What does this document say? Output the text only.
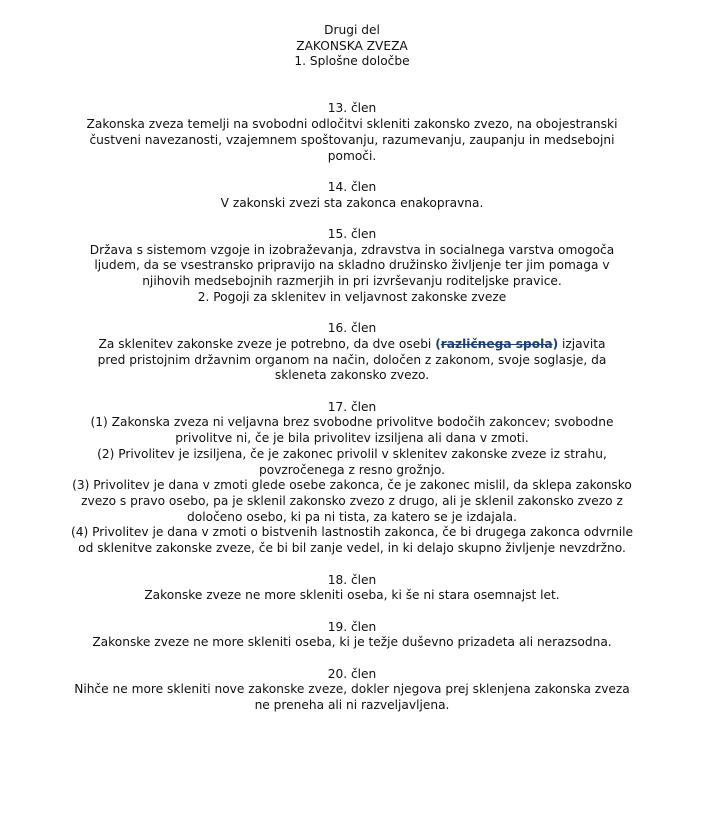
Drugi del

ZAKONSKA ZVEZA

1. Splošne določbe

13. člen

Zakonska zveza temelji na svobodni odločitvi skleniti zakonsko zvezo, na obojestranski čustveni navezanosti, vzajemnem spoštovanju, razumevanju, zaupanju in medsebojni pomoči.

14. člen

V zakonski zvezi sta zakonca enakopravna.

15. člen

Država s sistemom vzgoje in izobraževanja, zdravstva in socialnega varstva omogoča ljudem, da se vsestransko pripravijo na skladno družinsko življenje ter jim pomaga v njihovih medsebojnih razmerjih in pri izvrševanju roditeljske pravice.

2. Pogoji za sklenitev in veljavnost zakonske zveze

16. člen

Za sklenitev zakonske zveze je potrebno, da dve osebi (različnega spola) izjavita pred pristojnim državnim organom na način, določen z zakonom, svoje soglasje, da skleneta zakonsko zvezo.

17. člen

(1) Zakonska zveza ni veljavna brez svobodne privolitve bodočih zakoncev; svobodne privolitve ni, če je bila privolitev izsiljena ali dana v zmoti.

(2) Privolitev je izsiljena, če je zakonec privolil v sklenitev zakonske zveze iz strahu, povzročenega z resno grožnjo.

(3) Privolitev je dana v zmoti glede osebe zakonca, če je zakonec mislil, da sklepa zakonsko zvezo s pravo osebo, pa je sklenil zakonsko zvezo z drugo, ali je sklenil zakonsko zvezo z določeno osebo, ki pa ni tista, za katero se je izdajala.

(4) Privolitev je dana v zmoti o bistvenih lastnostih zakonca, če bi drugega zakonca odvrnile od sklenitve zakonske zveze, če bi bil zanje vedel, in ki delajo skupno življenje nevzdržno.

18. člen

Zakonske zveze ne more skleniti oseba, ki še ni stara osemnajst let.

19. člen

Zakonske zveze ne more skleniti oseba, ki je težje duševno prizadeta ali nerazsodna.

20. člen

Nihče ne more skleniti nove zakonske zveze, dokler njegova prej sklenjena zakonska zveza ne preneha ali ni razveljavljena.
